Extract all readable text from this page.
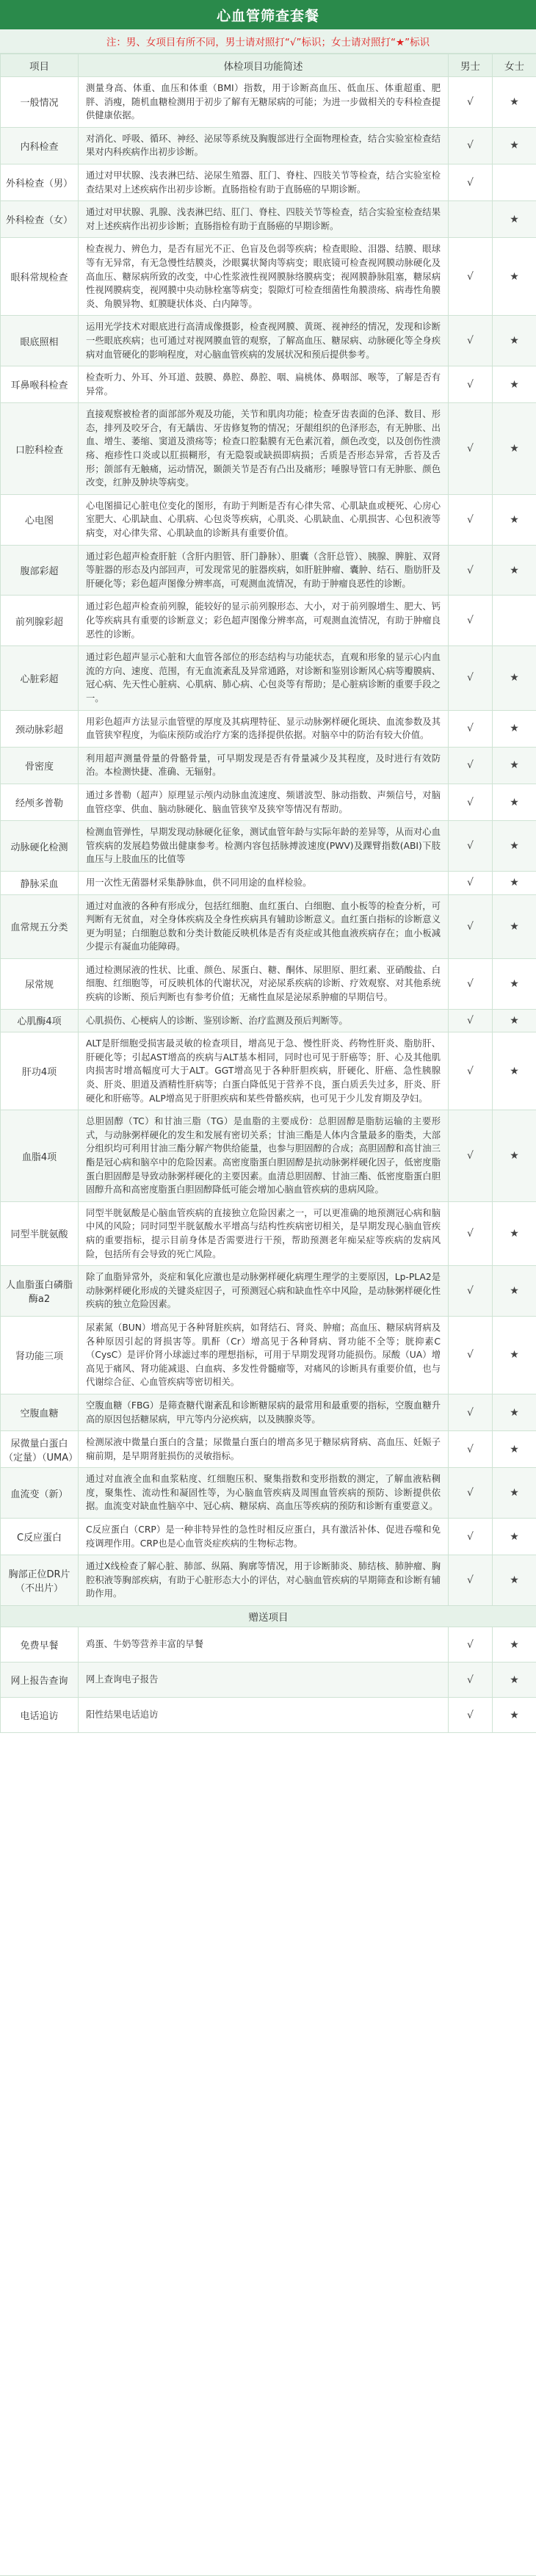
心血管筛查套餐
注：男、女项目有所不同，男士请对照打“√”标识；女士请对照打“★”标识
项目	体检项目功能简述	男士	女士
一般情况	测量身高、体重、血压和体重（BMI）指数，用于诊断高血压、低血压、体重超重、肥胖、消瘦，随机血糖检测用于初步了解有无糖尿病的可能；为进一步做相关的专科检查提供健康依据。	√	★
内科检查	对消化、呼吸、循环、神经、泌尿等系统及胸腹部进行全面物理检查，结合实验室检查结果对内科疾病作出初步诊断。	√	★
外科检查（男）	通过对甲状腺、浅表淋巴结、泌尿生殖器、肛门、脊柱、四肢关节等检查，结合实验室检查结果对上述疾病作出初步诊断。直肠指检有助于直肠癌的早期诊断。	√	
外科检查（女）	通过对甲状腺、乳腺、浅表淋巴结、肛门、脊柱、四肢关节等检查，结合实验室检查结果对上述疾病作出初步诊断；直肠指检有助于直肠癌的早期诊断。		★
眼科常规检查	检查视力、辨色力，是否有屈光不正、色盲及色弱等疾病；检查眼睑、泪器、结膜、眼球等有无异常，有无急慢性结膜炎，沙眼翼状胬肉等病变；眼底镜可检查视网膜动脉硬化及高血压、糖尿病所致的改变，中心性浆液性视网膜脉络膜病变；视网膜静脉阻塞，糖尿病性视网膜病变，视网膜中央动脉栓塞等病变；裂隙灯可检查细菌性角膜溃疡、病毒性角膜炎、角膜异物、虹膜睫状体炎、白内障等。	√	★
眼底照相	运用光学技术对眼底进行高清成像摄影，检查视网膜、黄斑、视神经的情况，发现和诊断一些眼底疾病；也可通过对视网膜血管的观察，了解高血压、糖尿病、动脉硬化等全身疾病对血管硬化的影响程度，对心脑血管疾病的发展状况和预后提供参考。	√	★
耳鼻喉科检查	检查听力、外耳、外耳道、鼓膜、鼻腔、鼻腔、咽、扁桃体、鼻咽部、喉等，了解是否有异常。	√	★
口腔科检查	直接观察被检者的面部部外观及功能，关节和肌肉功能；检查牙齿表面的色泽、数目、形态，排列及咬牙合，有无龋齿、牙齿修复物的情况；牙龈组织的色泽形态，有无肿胀、出血、增生、萎缩、窦道及溃疡等；检查口腔黏膜有无色素沉着，颜色改变，以及创伤性溃疡、疱疹性口炎或以肛损糊形，有无隐裂或缺损即病损；舌质是否形态异常，舌苔及舌形；颌部有无触痛，运动情况，颞颌关节是否有凸出及痛形；唾腺导管口有无肿胀、颜色改变，红肿及肿块等病变。	√	★
心电图	心电图描记心脏电位变化的图形，有助于判断是否有心律失常、心肌缺血或梗死、心房心室肥大、心肌缺血、心肌病、心包炎等疾病，心肌炎、心肌缺血、心肌损害、心包积液等病变，对心律失常、心肌缺血的诊断具有重要价值。	√	★
腹部彩超	通过彩色超声检查肝脏（含肝内胆管、肝门静脉）、胆囊（含肝总管）、胰腺、脾脏、双肾等脏器的形态及内部回声，可发现常见的脏器疾病，如肝脏肿瘤、囊肿、结石、脂肪肝及肝硬化等；彩色超声图像分辨率高，可观测血流情况，有助于肿瘤良恶性的诊断。	√	★
前列腺彩超	通过彩色超声检查前列腺，能较好的显示前列腺形态、大小，对于前列腺增生、肥大、钙化等疾病具有重要的诊断意义；彩色超声图像分辨率高，可观测血流情况，有助于肿瘤良恶性的诊断。	√	
心脏彩超	通过彩色超声显示心脏和大血管各部位的形态结构与功能状态，直观和形象的显示心内血流的方向、速度、范围，有无血流紊乱及异常通路，对诊断和鉴别诊断风心病等瓣膜病、冠心病、先天性心脏病、心肌病、肺心病、心包炎等有帮助；是心脏病诊断的重要手段之一。	√	★
颈动脉彩超	用彩色超声方法显示血管壁的厚度及其病理特征、显示动脉粥样硬化斑块、血流参数及其血管狭窄程度，为临床预防或治疗方案的选择提供依据。对脑卒中的防治有较大价值。	√	★
骨密度	利用超声测量骨量的骨骼骨量，可早期发现是否有骨量减少及其程度，及时进行有效防治。本检测快捷、准确、无辐射。	√	★
经颅多普勒	通过多普勒（超声）原理显示颅内动脉血流速度、频谱波型、脉动指数、声频信号，对脑血管痉挛、供血、脑动脉硬化、脑血管狭窄及狭窄等情况有帮助。	√	★
动脉硬化检测	检测血管弹性，早期发现动脉硬化征象，测试血管年龄与实际年龄的差异等，从而对心血管疾病的发展趋势做出健康参考。检测内容包括脉搏波速度(PWV)及踝臂指数(ABI)下肢血压与上肢血压的比值等	√	★
静脉采血	用一次性无菌器材采集静脉血，供不同用途的血样检验。	√	★
血常规五分类	通过对血液的各种有形成分，包括红细胞、血红蛋白、白细胞、血小板等的检查分析，可判断有无贫血，对全身体疾病及全身性疾病具有辅助诊断意义。血红蛋白指标的诊断意义更为明显；白细胞总数和分类计数能反映机体是否有炎症或其他血液疾病存在；血小板减少提示有凝血功能障碍。	√	★
尿常规	通过检测尿液的性状、比重、颜色、尿蛋白、糖、酮体、尿胆原、胆红素、亚硝酸盐、白细胞、红细胞等，可反映机体的代谢状况，对泌尿系疾病的诊断、疗效观察、对其他系统疾病的诊断、预后判断也有参考价值；无痛性血尿是泌尿系肿瘤的早期信号。	√	★
心肌酶4项	心肌损伤、心梗病人的诊断、鉴别诊断、治疗监测及预后判断等。	√	★
肝功4项	ALT是肝细胞受损害最灵敏的检查项目，增高见于急、慢性肝炎、药物性肝炎、脂肪肝、肝硬化等；引起AST增高的疾病与ALT基本相同，同时也可见于肝癌等；肝、心及其他肌肉损害时增高幅度可大于ALT。GGT增高见于各种肝胆疾病，肝硬化、肝癌、急性胰腺炎、肝炎、胆道及酒精性肝病等；白蛋白降低见于营养不良，蛋白质丢失过多，肝炎、肝硬化和肝癌等。ALP增高见于肝胆疾病和某些骨骼疾病，也可见于少儿发育期及孕妇。	√	★
血脂4项	总胆固醇（TC）和甘油三脂（TG）是血脂的主要成份：总胆固醇是脂肪运输的主要形式，与动脉粥样硬化的发生和发展有密切关系；甘油三酯是人体内含量最多的脂类，大部分组织均可利用甘油三酯分解产物供给能量，也参与胆固醇的合成；高胆固醇和高甘油三酯是冠心病和脑卒中的危险因素。高密度脂蛋白胆固醇是抗动脉粥样硬化因子，低密度脂蛋白胆固醇是导致动脉粥样硬化的主要因素。血清总胆固醇、甘油三酯、低密度脂蛋白胆固醇升高和高密度脂蛋白胆固醇降低可能会增加心脑血管疾病的患病风险。	√	★
同型半胱氨酸	同型半胱氨酸是心脑血管疾病的直接独立危险因素之一，可以更准确的地预测冠心病和脑中风的风险；同时同型半胱氨酸水平增高与结构性疾病密切相关，是早期发现心脑血管疾病的重要指标，提示目前身体是否需要进行干预，帮助预测老年痴呆症等疾病的发病风险，包括所有会导致的死亡风险。	√	★
人血脂蛋白磷脂酶a2	除了血脂异常外，炎症和氧化应激也是动脉粥样硬化病理生理学的主要原因，Lp-PLA2是动脉粥样硬化形成的关键炎症因子，可预测冠心病和缺血性卒中风险，是动脉粥样硬化性疾病的独立危险因素。	√	★
肾功能三项	尿素氮（BUN）增高见于各种肾脏疾病，如肾结石、肾炎、肿瘤；高血压、糖尿病肾病及各种原因引起的肾损害等。肌酐（Cr）增高见于各种肾病、肾功能不全等；胱抑素C（CysC）是评价肾小球滤过率的理想指标，可用于早期发现肾功能损伤。尿酸（UA）增高见于痛风、肾功能减退、白血病、多发性骨髓瘤等，对痛风的诊断具有重要价值，也与代谢综合征、心血管疾病等密切相关。	√	★
空腹血糖	空腹血糖（FBG）是筛查糖代谢紊乱和诊断糖尿病的最常用和最重要的指标，空腹血糖升高的原因包括糖尿病，甲亢等内分泌疾病，以及胰腺炎等。	√	★
尿微量白蛋白（定量）（UMA）	检测尿液中微量白蛋白的含量；尿微量白蛋白的增高多见于糖尿病肾病、高血压、妊娠子痫前期，是早期肾脏损伤的灵敏指标。	√	★
血流变（新）	通过对血液全血和血浆粘度、红细胞压积、聚集指数和变形指数的测定，了解血液粘稠度，聚集性、流动性和凝固性等，为心脑血管疾病及周围血管疾病的预防、诊断提供依据。血流变对缺血性脑卒中、冠心病、糖尿病、高血压等疾病的预防和诊断有重要意义。	√	★
C反应蛋白	C反应蛋白（CRP）是一种非特异性的急性时相反应蛋白，具有激活补体、促进吞噬和免疫调理作用。CRP也是心血管炎症疾病的生物标志物。	√	★
胸部正位DR片（不出片）	通过X线检查了解心脏、肺部、纵隔、胸廓等情况，用于诊断肺炎、肺结核、肺肿瘤、胸腔积液等胸部疾病，有助于心脏形态大小的评估，对心脑血管疾病的早期筛查和诊断有辅助作用。	√	★
赠送项目			
免费早餐	鸡蛋、牛奶等营养丰富的早餐	√	★
网上报告查询	网上查询电子报告	√	★
电话追访	阳性结果电话追访	√	★
